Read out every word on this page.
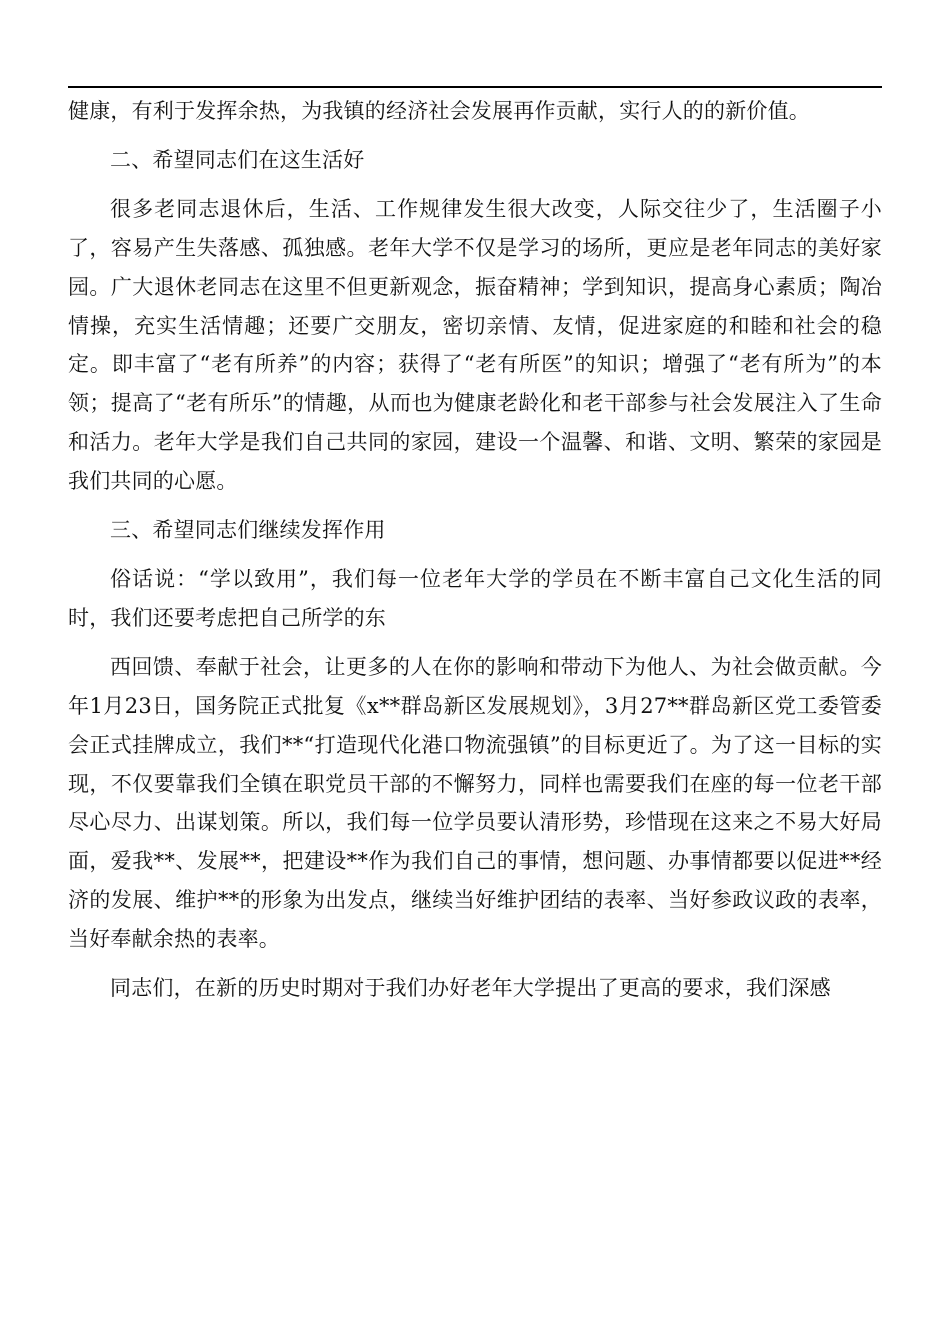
健康，有利于发挥余热，为我镇的经济社会发展再作贡献，实行人的的新价值。

二、希望同志们在这生活好

很多老同志退休后，生活、工作规律发生很大改变，人际交往少了，生活圈子小了，容易产生失落感、孤独感。老年大学不仅是学习的场所，更应是老年同志的美好家园。广大退休老同志在这里不但更新观念，振奋精神；学到知识，提高身心素质；陶冶情操，充实生活情趣；还要广交朋友，密切亲情、友情，促进家庭的和睦和社会的稳定。即丰富了“老有所养”的内容；获得了“老有所医”的知识；增强了“老有所为”的本领；提高了“老有所乐”的情趣，从而也为健康老龄化和老干部参与社会发展注入了生命和活力。老年大学是我们自己共同的家园，建设一个温馨、和谐、文明、繁荣的家园是我们共同的心愿。

三、希望同志们继续发挥作用

俗话说：“学以致用”，我们每一位老年大学的学员在不断丰富自己文化生活的同时，我们还要考虑把自己所学的东

西回馈、奉献于社会，让更多的人在你的影响和带动下为他人、为社会做贡献。今年1月23日，国务院正式批复《x**群岛新区发展规划》，3月27**群岛新区党工委管委会正式挂牌成立，我们**“打造现代化港口物流强镇”的目标更近了。为了这一目标的实现，不仅要靠我们全镇在职党员干部的不懈努力，同样也需要我们在座的每一位老干部尽心尽力、出谋划策。所以，我们每一位学员要认清形势，珍惜现在这来之不易大好局面，爱我**、发展**，把建设**作为我们自己的事情，想问题、办事情都要以促进**经济的发展、维护**的形象为出发点，继续当好维护团结的表率、当好参政议政的表率，当好奉献余热的表率。

同志们，在新的历史时期对于我们办好老年大学提出了更高的要求，我们深感
